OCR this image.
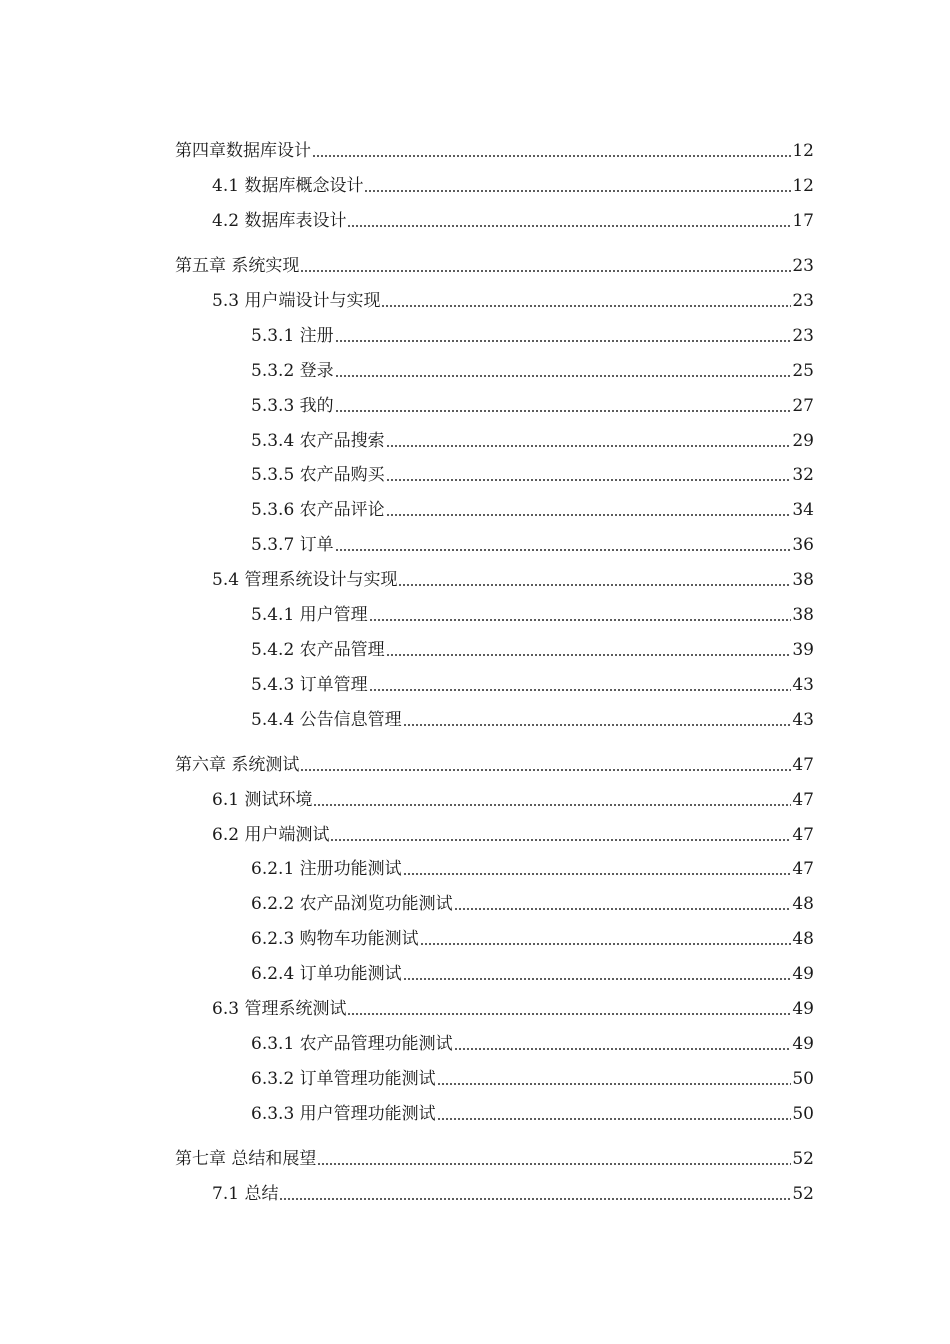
第四章数据库设计	12
4.1 数据库概念设计	12
4.2 数据库表设计	17
第五章 系统实现	23
5.3 用户端设计与实现	23
5.3.1 注册	23
5.3.2 登录	25
5.3.3 我的	27
5.3.4 农产品搜索	29
5.3.5 农产品购买	32
5.3.6 农产品评论	34
5.3.7 订单	36
5.4 管理系统设计与实现	38
5.4.1 用户管理	38
5.4.2 农产品管理	39
5.4.3 订单管理	43
5.4.4 公告信息管理	43
第六章 系统测试	47
6.1 测试环境	47
6.2 用户端测试	47
6.2.1 注册功能测试	47
6.2.2 农产品浏览功能测试	48
6.2.3 购物车功能测试	48
6.2.4 订单功能测试	49
6.3 管理系统测试	49
6.3.1 农产品管理功能测试	49
6.3.2 订单管理功能测试	50
6.3.3 用户管理功能测试	50
第七章 总结和展望	52
7.1 总结	52
